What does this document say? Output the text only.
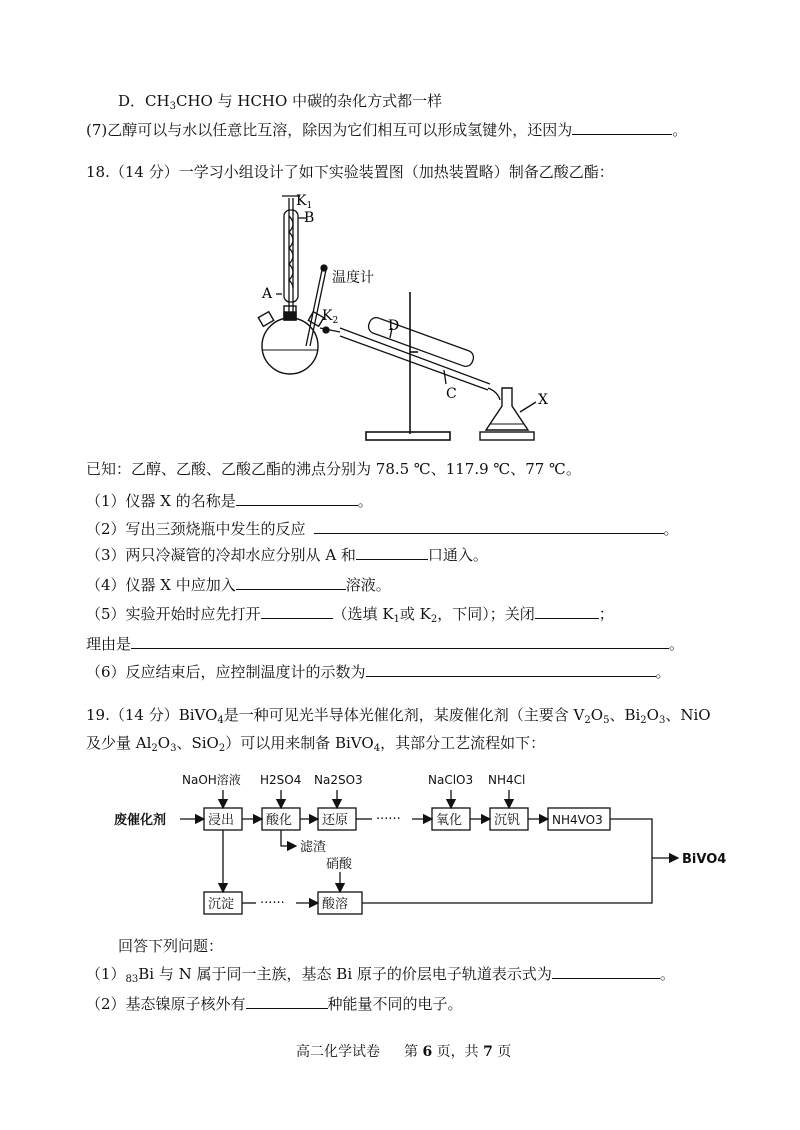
D．$CH_3CHO$ 与 HCHO 中碳的杂化方式都一样
(7)乙醇可以与水以任意比互溶，除因为它们相互可以形成氢键外，还因为	。
18.（14 分）一学习小组设计了如下实验装置图（加热装置略）制备乙酸乙酯：
$K_1$
B
A
温度计
$K_2$	D
C	X
已知：乙醇、乙酸、乙酸乙酯的沸点分别为 78.5 ℃、117.9 ℃、77 ℃。
（1）仪器 X 的名称是	。
（2）写出三颈烧瓶中发生的反应	。
（3）两只冷凝管的冷却水应分别从 A 和	口通入。
（4）仪器 X 中应加入	溶液。
（5）实验开始时应先打开	（选填 $K_1$或 $K_2$，下同）；关闭	；
理由是	。
（6）反应结束后，应控制温度计的示数为	。
19.（14 分）BiVO$_4$是一种可见光半导体光催化剂，某废催化剂（主要含 $V_2O_5$、$Bi_2O_3$、NiO
及少量 $Al_2O_3$、SiO$_2$）可以用来制备 BiVO$_4$，其部分工艺流程如下：
废催化剂	浸出 酸化 还原 ······	氧化 沉钒	NH4VO3
NaOH溶液 H2SO4 Na2SO3	NaClO3 NH4Cl
滤渣
硝酸
沉淀 ······	酸溶
BiVO4
回答下列问题：
$(1)_{83}Bi$ 与 N 属于同一主族，基态 Bi 原子的价层电子轨道表示式为	。
（2）基态镍原子核外有	种能量不同的电子。
高二化学试卷 第 6 页，共 7 页
